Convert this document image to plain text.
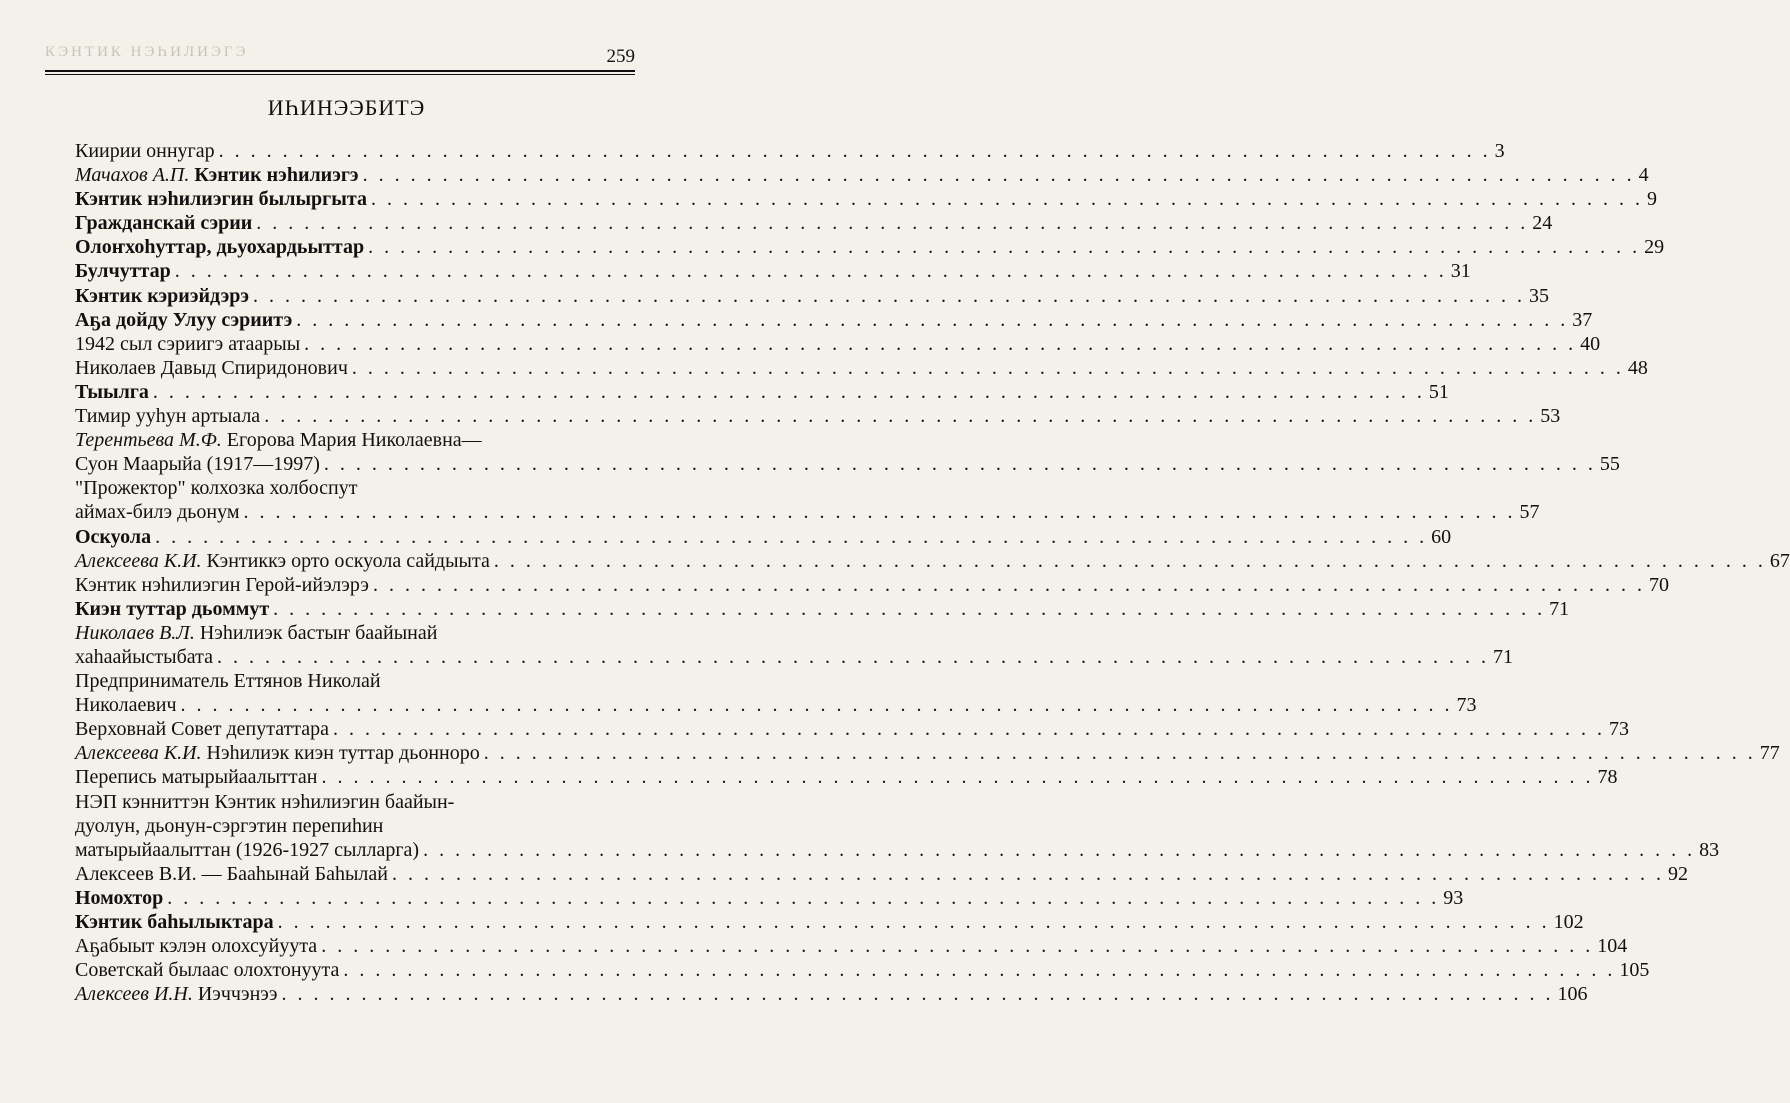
КЭНТИК НЭҺИЛИЭГЭ	259
ИҺИНЭЭБИТЭ
Киирии оннугар . . . . . . . . . . . . . . . . . . . . . . . . . . . . . . . . . . . . . . . . . . . . . . . . . . . . . . . . . . . . . . . . . . . . . . . . . . . . . . . . 3
Мачахов А.П. Кэнтик нэһилиэгэ . . . . . . . . . . . . . . . . . . . . . . . . . . . . . . . . . . . . . . . . . . . . . . . . . . . . . . . . . . . . . . . . . . . . . . . . . . . . . . . . 4
Кэнтик нэһилиэгин былыргыта . . . . . . . . . . . . . . . . . . . . . . . . . . . . . . . . . . . . . . . . . . . . . . . . . . . . . . . . . . . . . . . . . . . . . . . . . . . . . . . . 9
Гражданскай сэрии . . . . . . . . . . . . . . . . . . . . . . . . . . . . . . . . . . . . . . . . . . . . . . . . . . . . . . . . . . . . . . . . . . . . . . . . . . . . . . . . 24
Олоҥхоһуттар, дьуохардьыттар . . . . . . . . . . . . . . . . . . . . . . . . . . . . . . . . . . . . . . . . . . . . . . . . . . . . . . . . . . . . . . . . . . . . . . . . . . . . . . . . 29
Булчуттар . . . . . . . . . . . . . . . . . . . . . . . . . . . . . . . . . . . . . . . . . . . . . . . . . . . . . . . . . . . . . . . . . . . . . . . . . . . . . . . . 31
Кэнтик кэриэйдэрэ . . . . . . . . . . . . . . . . . . . . . . . . . . . . . . . . . . . . . . . . . . . . . . . . . . . . . . . . . . . . . . . . . . . . . . . . . . . . . . . . 35
Аҕа дойду Улуу сэриитэ . . . . . . . . . . . . . . . . . . . . . . . . . . . . . . . . . . . . . . . . . . . . . . . . . . . . . . . . . . . . . . . . . . . . . . . . . . . . . . . . 37
1942 сыл сэриигэ атаарыы . . . . . . . . . . . . . . . . . . . . . . . . . . . . . . . . . . . . . . . . . . . . . . . . . . . . . . . . . . . . . . . . . . . . . . . . . . . . . . . . 40
Николаев Давыд Спиридонович . . . . . . . . . . . . . . . . . . . . . . . . . . . . . . . . . . . . . . . . . . . . . . . . . . . . . . . . . . . . . . . . . . . . . . . . . . . . . . . . 48
Тыылга . . . . . . . . . . . . . . . . . . . . . . . . . . . . . . . . . . . . . . . . . . . . . . . . . . . . . . . . . . . . . . . . . . . . . . . . . . . . . . . . 51
Тимир ууһун артыала . . . . . . . . . . . . . . . . . . . . . . . . . . . . . . . . . . . . . . . . . . . . . . . . . . . . . . . . . . . . . . . . . . . . . . . . . . . . . . . . 53
Терентьева М.Ф. Егорова Мария Николаевна—
Суон Маарыйа (1917—1997) . . . . . . . . . . . . . . . . . . . . . . . . . . . . . . . . . . . . . . . . . . . . . . . . . . . . . . . . . . . . . . . . . . . . . . . . . . . . . . . . 55
"Прожектор" колхозка холбоспут
аймах-билэ дьонум . . . . . . . . . . . . . . . . . . . . . . . . . . . . . . . . . . . . . . . . . . . . . . . . . . . . . . . . . . . . . . . . . . . . . . . . . . . . . . . . 57
Оскуола . . . . . . . . . . . . . . . . . . . . . . . . . . . . . . . . . . . . . . . . . . . . . . . . . . . . . . . . . . . . . . . . . . . . . . . . . . . . . . . . 60
Алексеева К.И. Кэнтиккэ орто оскуола сайдыыта . . . . . . . . . . . . . . . . . . . . . . . . . . . . . . . . . . . . . . . . . . . . . . . . . . . . . . . . . . . . . . . . . . . . . . . . . . . . . . . . 67
Кэнтик нэһилиэгин Герой-ийэлэрэ . . . . . . . . . . . . . . . . . . . . . . . . . . . . . . . . . . . . . . . . . . . . . . . . . . . . . . . . . . . . . . . . . . . . . . . . . . . . . . . . 70
Киэн туттар дьоммут . . . . . . . . . . . . . . . . . . . . . . . . . . . . . . . . . . . . . . . . . . . . . . . . . . . . . . . . . . . . . . . . . . . . . . . . . . . . . . . . 71
Николаев В.Л. Нэһилиэк бастыҥ баайынай
хаһаайыстыбата . . . . . . . . . . . . . . . . . . . . . . . . . . . . . . . . . . . . . . . . . . . . . . . . . . . . . . . . . . . . . . . . . . . . . . . . . . . . . . . . 71
Предприниматель Еттянов Николай
Николаевич . . . . . . . . . . . . . . . . . . . . . . . . . . . . . . . . . . . . . . . . . . . . . . . . . . . . . . . . . . . . . . . . . . . . . . . . . . . . . . . . 73
Верховнай Совет депутаттара . . . . . . . . . . . . . . . . . . . . . . . . . . . . . . . . . . . . . . . . . . . . . . . . . . . . . . . . . . . . . . . . . . . . . . . . . . . . . . . . 73
Алексеева К.И. Нэһилиэк киэн туттар дьонноро . . . . . . . . . . . . . . . . . . . . . . . . . . . . . . . . . . . . . . . . . . . . . . . . . . . . . . . . . . . . . . . . . . . . . . . . . . . . . . . . 77
Перепись матырыйаалыттан . . . . . . . . . . . . . . . . . . . . . . . . . . . . . . . . . . . . . . . . . . . . . . . . . . . . . . . . . . . . . . . . . . . . . . . . . . . . . . . . 78
НЭП кэнниттэн Кэнтик нэһилиэгин баайын-
дуолун, дьонун-сэргэтин перепиһин
матырыйаалыттан (1926-1927 сылларга) . . . . . . . . . . . . . . . . . . . . . . . . . . . . . . . . . . . . . . . . . . . . . . . . . . . . . . . . . . . . . . . . . . . . . . . . . . . . . . . . 83
Алексеев В.И. — Бааһынай Баһылай . . . . . . . . . . . . . . . . . . . . . . . . . . . . . . . . . . . . . . . . . . . . . . . . . . . . . . . . . . . . . . . . . . . . . . . . . . . . . . . . 92
Номохтор . . . . . . . . . . . . . . . . . . . . . . . . . . . . . . . . . . . . . . . . . . . . . . . . . . . . . . . . . . . . . . . . . . . . . . . . . . . . . . . . 93
Кэнтик баһылыктара . . . . . . . . . . . . . . . . . . . . . . . . . . . . . . . . . . . . . . . . . . . . . . . . . . . . . . . . . . . . . . . . . . . . . . . . . . . . . . . . 102
Аҕабыыт кэлэн олохсуйуута . . . . . . . . . . . . . . . . . . . . . . . . . . . . . . . . . . . . . . . . . . . . . . . . . . . . . . . . . . . . . . . . . . . . . . . . . . . . . . . . 104
Советскай былаас олохтонуута . . . . . . . . . . . . . . . . . . . . . . . . . . . . . . . . . . . . . . . . . . . . . . . . . . . . . . . . . . . . . . . . . . . . . . . . . . . . . . . . 105
Алексеев И.Н. Иэччэнээ . . . . . . . . . . . . . . . . . . . . . . . . . . . . . . . . . . . . . . . . . . . . . . . . . . . . . . . . . . . . . . . . . . . . . . . . . . . . . . . . 106
